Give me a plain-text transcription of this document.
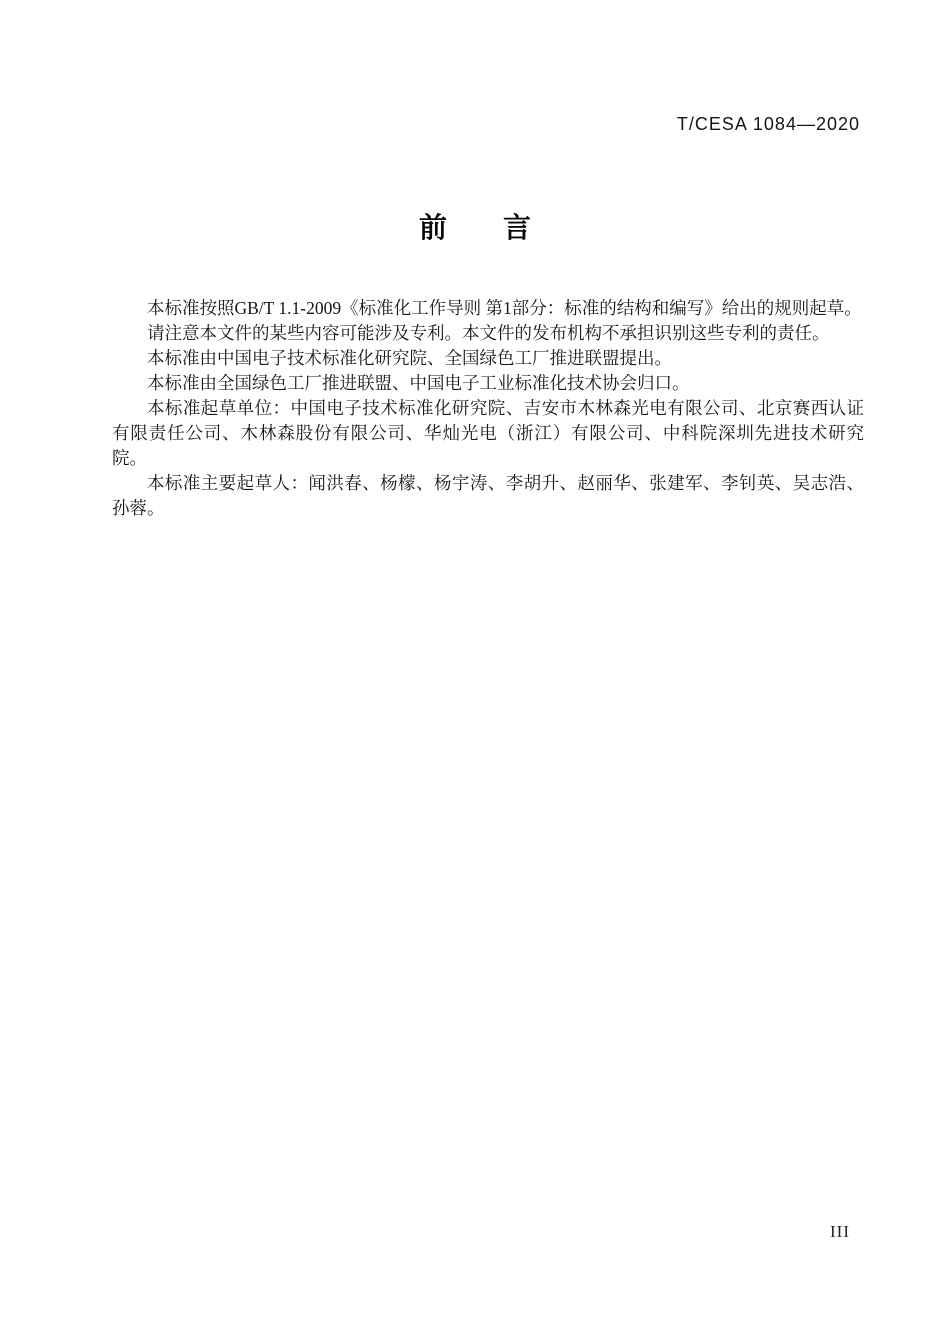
T/CESA 1084—2020
前　　言

本标准按照GB/T 1.1-2009《标准化工作导则 第1部分：标准的结构和编写》给出的规则起草。

请注意本文件的某些内容可能涉及专利。本文件的发布机构不承担识别这些专利的责任。

本标准由中国电子技术标准化研究院、全国绿色工厂推进联盟提出。

本标准由全国绿色工厂推进联盟、中国电子工业标准化技术协会归口。

本标准起草单位：中国电子技术标准化研究院、吉安市木林森光电有限公司、北京赛西认证有限责任公司、木林森股份有限公司、华灿光电（浙江）有限公司、中科院深圳先进技术研究院。

本标准主要起草人：闻洪春、杨檬、杨宇涛、李胡升、赵丽华、张建军、李钊英、吴志浩、孙蓉。

III
